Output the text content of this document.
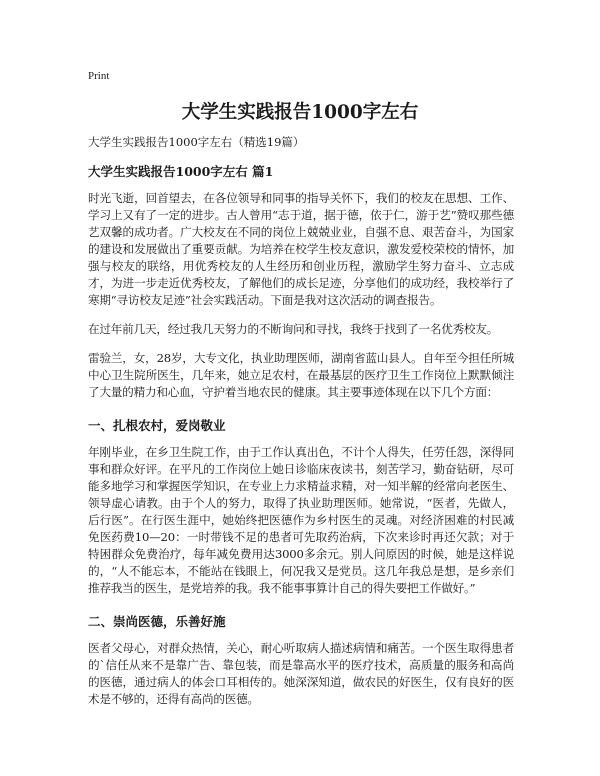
Print
大学生实践报告1000字左右

大学生实践报告1000字左右（精选19篇）

大学生实践报告1000字左右 篇1

时光飞逝，回首望去，在各位领导和同事的指导关怀下，我们的校友在思想、工作、学习上又有了一定的进步。古人曾用“志于道，据于德，依于仁，游于艺”赞叹那些德艺双馨的成功者。广大校友在不同的岗位上兢兢业业，自强不息、艰苦奋斗，为国家的建设和发展做出了重要贡献。为培养在校学生校友意识，激发爱校荣校的情怀，加强与校友的联络，用优秀校友的人生经历和创业历程，激励学生努力奋斗、立志成才，为进一步走近优秀校友，了解他们的成长足迹，分享他们的成功经，我校举行了寒期“寻访校友足迹”社会实践活动。下面是我对这次活动的调查报告。

在过年前几天，经过我几天努力的不断询问和寻找，我终于找到了一名优秀校友。

雷验兰，女，28岁，大专文化，执业助理医师，湖南省蓝山县人。自年至今担任所城中心卫生院所医生，几年来，她立足农村，在最基层的医疗卫生工作岗位上默默倾注了大量的精力和心血，守护着当地农民的健康。其主要事迹体现在以下几个方面：

一、扎根农村，爱岗敬业

年刚毕业，在乡卫生院工作，由于工作认真出色，不计个人得失，任劳任怨，深得同事和群众好评。在平凡的工作岗位上她日诊临床夜读书，刻苦学习，勤奋钻研，尽可能多地学习和掌握医学知识，在专业上力求精益求精，对一知半解的经常向老医生、领导虚心请教。由于个人的努力，取得了执业助理医师。她常说，“医者，先做人，后行医”。在行医生涯中，她始终把医德作为乡村医生的灵魂。对经济困难的村民减免医药费10—20：一时带钱不足的患者可先取药治病，下次来诊时再还欠款；对于特困群众免费治疗，每年减免费用达3000多余元。别人问原因的时候，她是这样说的，“人不能忘本，不能站在钱眼上，何况我又是党员。这几年我总是想，是乡亲们推荐我当的医生，是党培养的我。我不能事事算计自己的得失要把工作做好。”

二、崇尚医德，乐善好施

医者父母心，对群众热情，关心，耐心听取病人描述病情和痛苦。一个医生取得患者的`信任从来不是靠广告、靠包装，而是靠高水平的医疗技术，高质量的服务和高尚的医德，通过病人的体会口耳相传的。她深深知道，做农民的好医生，仅有良好的医术是不够的，还得有高尚的医德。
